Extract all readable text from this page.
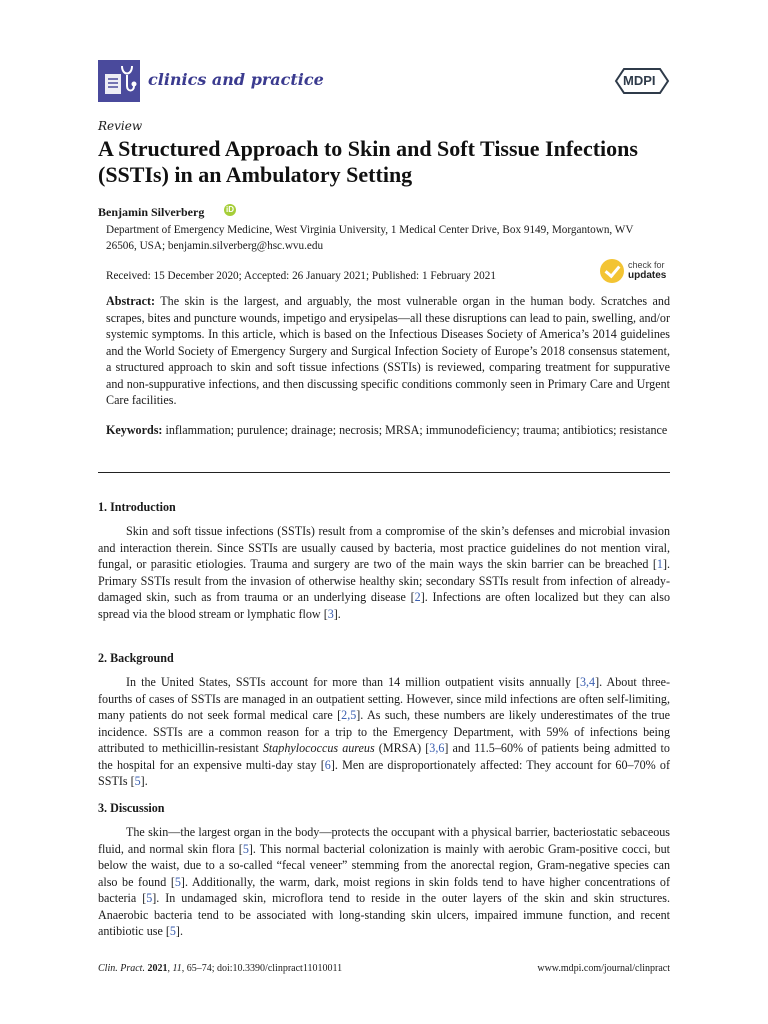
clinics and practice	MDPI
Review
A Structured Approach to Skin and Soft Tissue Infections (SSTIs) in an Ambulatory Setting
Benjamin Silverberg	iD
Department of Emergency Medicine, West Virginia University, 1 Medical Center Drive, Box 9149, Morgantown, WV 26506, USA; benjamin.silverberg@hsc.wvu.edu
Received: 15 December 2020; Accepted: 26 January 2021; Published: 1 February 2021
check for
updates
Abstract: The skin is the largest, and arguably, the most vulnerable organ in the human body. Scratches and scrapes, bites and puncture wounds, impetigo and erysipelas—all these disruptions can lead to pain, swelling, and/or systemic symptoms. In this article, which is based on the Infectious Diseases Society of America’s 2014 guidelines and the World Society of Emergency Surgery and Surgical Infection Society of Europe’s 2018 consensus statement, a structured approach to skin and soft tissue infections (SSTIs) is reviewed, comparing treatment for suppurative and non-suppurative infections, and then discussing specific conditions commonly seen in Primary Care and Urgent Care facilities.
Keywords: inflammation; purulence; drainage; necrosis; MRSA; immunodeficiency; trauma; antibiotics; resistance
1. Introduction
Skin and soft tissue infections (SSTIs) result from a compromise of the skin’s defenses and microbial invasion and interaction therein. Since SSTIs are usually caused by bacteria, most practice guidelines do not mention viral, fungal, or parasitic etiologies. Trauma and surgery are two of the main ways the skin barrier can be breached [1]. Primary SSTIs result from the invasion of otherwise healthy skin; secondary SSTIs result from infection of already-damaged skin, such as from trauma or an underlying disease [2]. Infections are often localized but they can also spread via the blood stream or lymphatic flow [3].
2. Background
In the United States, SSTIs account for more than 14 million outpatient visits annually [3,4]. About three-fourths of cases of SSTIs are managed in an outpatient setting. However, since mild infections are often self-limiting, many patients do not seek formal medical care [2,5]. As such, these numbers are likely underestimates of the true incidence. SSTIs are a common reason for a trip to the Emergency Department, with 59% of infections being attributed to methicillin-resistant Staphylococcus aureus (MRSA) [3,6] and 11.5–60% of patients being admitted to the hospital for an expensive multi-day stay [6]. Men are disproportionately affected: They account for 60–70% of SSTIs [5].
3. Discussion
The skin—the largest organ in the body—protects the occupant with a physical barrier, bacteriostatic sebaceous fluid, and normal skin flora [5]. This normal bacterial colonization is mainly with aerobic Gram-positive cocci, but below the waist, due to a so-called “fecal veneer” stemming from the anorectal region, Gram-negative species can also be found [5]. Additionally, the warm, dark, moist regions in skin folds tend to have higher concentrations of bacteria [5]. In undamaged skin, microflora tend to reside in the outer layers of the skin and skin structures. Anaerobic bacteria tend to be associated with long-standing skin ulcers, impaired immune function, and recent antibiotic use [5].
Clin. Pract. 2021, 11, 65–74; doi:10.3390/clinpract11010011	www.mdpi.com/journal/clinpract
